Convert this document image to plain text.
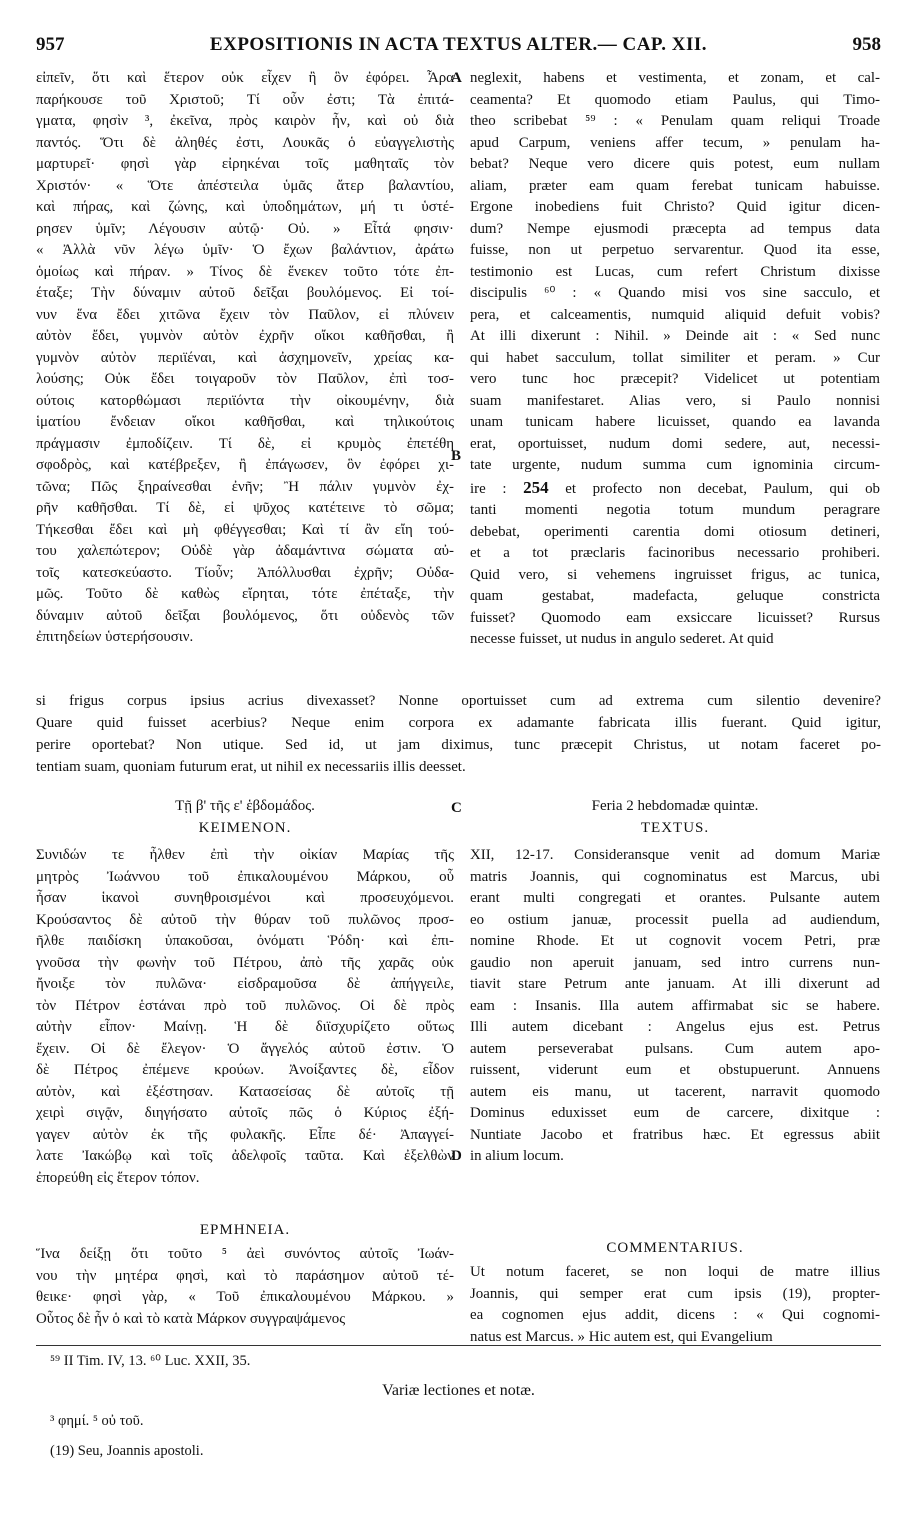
957	EXPOSITIONIS IN ACTA TEXTUS ALTER.— CAP. XII.	958
εἰπεῖν, ὅτι καὶ ἕτερον οὐκ εἶχεν ἢ ὃν ἐφόρει. Ἆρα
παρήκουσε τοῦ Χριστοῦ; Τί οὖν ἐστι; Τὰ ἐπιτά-
γματα, φησὶν ³, ἐκεῖνα, πρὸς καιρὸν ἦν, καὶ οὐ διὰ
παντός. Ὅτι δὲ ἀληθές ἐστι, Λουκᾶς ὁ εὐαγγελιστὴς
μαρτυρεῖ· φησὶ γὰρ εἰρηκέναι τοῖς μαθηταῖς τὸν
Χριστόν· « Ὅτε ἀπέστειλα ὑμᾶς ἄτερ βαλαντίου,
καὶ πήρας, καὶ ζώνης, καὶ ὑποδημάτων, μή τι ὑστέ-
ρησεν ὑμῖν; Λέγουσιν αὐτῷ· Οὐ. » Εἶτά φησιν·
« Ἀλλὰ νῦν λέγω ὑμῖν· Ὁ ἔχων βαλάντιον, ἀράτω
ὁμοίως καὶ πήραν. » Τίνος δὲ ἕνεκεν τοῦτο τότε ἐπ-
έταξε; Τὴν δύναμιν αὐτοῦ δεῖξαι βουλόμενος. Εἰ τοί-
νυν ἕνα ἔδει χιτῶνα ἔχειν τὸν Παῦλον, εἰ πλύνειν
αὐτὸν ἔδει, γυμνὸν αὐτὸν ἐχρῆν οἴκοι καθῆσθαι, ἢ
γυμνὸν αὐτὸν περιϊέναι, καὶ ἀσχημονεῖν, χρείας κα-
λούσης; Οὐκ ἔδει τοιγαροῦν τὸν Παῦλον, ἐπὶ τοσ-
ούτοις κατορθώμασι περιϊόντα τὴν οἰκουμένην, διὰ
ἱματίου ἔνδειαν οἴκοι καθῆσθαι, καὶ τηλικούτοις
πράγμασιν ἐμποδίζειν. Τί δὲ, εἰ κρυμὸς ἐπετέθη
σφοδρὸς, καὶ κατέβρεξεν, ἢ ἐπάγωσεν, ὃν ἐφόρει χι-
τῶνα; Πῶς ξηραίνεσθαι ἐνῆν; Ἢ πάλιν γυμνὸν ἐχ-
ρῆν καθῆσθαι. Τί δὲ, εἰ ψῦχος κατέτεινε τὸ σῶμα;
Τήκεσθαι ἔδει καὶ μὴ φθέγγεσθαι; Καὶ τί ἂν εἴη τού-
του χαλεπώτερον; Οὐδὲ γὰρ ἀδαμάντινα σώματα αὐ-
τοῖς κατεσκεύαστο. Τίοὖν; Ἀπόλλυσθαι ἐχρῆν; Οὐδα-
μῶς. Τοῦτο δὲ καθὼς εἴρηται, τότε ἐπέταξε, τὴν
δύναμιν αὐτοῦ δεῖξαι βουλόμενος, ὅτι οὐδενὸς τῶν
ἐπιτηδείων ὑστερήσουσιν.
neglexit, habens et vestimenta, et zonam, et cal-
ceamenta? Et quomodo etiam Paulus, qui Timo-
theo scribebat ⁵⁹ : « Penulam quam reliqui Troade
apud Carpum, veniens affer tecum, » penulam ha-
bebat? Neque vero dicere quis potest, eum nullam
aliam, præter eam quam ferebat tunicam habuisse.
Ergone inobediens fuit Christo? Quid igitur dicen-
dum? Nempe ejusmodi præcepta ad tempus data
fuisse, non ut perpetuo servarentur. Quod ita esse,
testimonio est Lucas, cum refert Christum dixisse
discipulis ⁶⁰ : « Quando misi vos sine sacculo, et
pera, et calceamentis, numquid aliquid defuit vobis?
At illi dixerunt : Nihil. » Deinde ait : « Sed nunc
qui habet sacculum, tollat similiter et peram. » Cur
vero tunc hoc præcepit? Videlicet ut potentiam
suam manifestaret. Alias vero, si Paulo nonnisi
unam tunicam habere licuisset, quando ea lavanda
erat, oportuisset, nudum domi sedere, aut, necessi-
tate urgente, nudum summa cum ignominia circum-
ire : 254 et profecto non decebat, Paulum, qui ob
tanti momenti negotia totum mundum peragrare
debebat, operimenti carentia domi otiosum detineri,
et a tot præclaris facinoribus necessario prohiberi.
Quid vero, si vehemens ingruisset frigus, ac tunica,
quam gestabat, madefacta, geluque constricta
fuisset? Quomodo eam exsiccare licuisset? Rursus
necesse fuisset, ut nudus in angulo sederet. At quid
A
B
si frigus corpus ipsius acrius divexasset? Nonne oportuisset cum ad extrema cum silentio devenire?
Quare quid fuisset acerbius? Neque enim corpora ex adamante fabricata illis fuerant. Quid igitur,
perire oportebat? Non utique. Sed id, ut jam diximus, tunc præcepit Christus, ut notam faceret po-
tentiam suam, quoniam futurum erat, ut nihil ex necessariis illis deesset.
C
Τῇ β' τῆς ε' ἑβδομάδος.
ΚΕΙΜΕΝΟΝ.
Feria 2 hebdomadæ quintæ.
TEXTUS.
Συνιδών τε ἦλθεν ἐπὶ τὴν οἰκίαν Μαρίας τῆς
μητρὸς Ἰωάννου τοῦ ἐπικαλουμένου Μάρκου, οὗ
ἦσαν ἱκανοὶ συνηθροισμένοι καὶ προσευχόμενοι.
Κρούσαντος δὲ αὐτοῦ τὴν θύραν τοῦ πυλῶνος προσ-
ῆλθε παιδίσκη ὑπακοῦσαι, ὀνόματι Ῥόδη· καὶ ἐπι-
γνοῦσα τὴν φωνὴν τοῦ Πέτρου, ἀπὸ τῆς χαρᾶς οὐκ
ἤνοιξε τὸν πυλῶνα· εἰσδραμοῦσα δὲ ἀπήγγειλε,
τὸν Πέτρον ἑστάναι πρὸ τοῦ πυλῶνος. Οἱ δὲ πρὸς
αὐτὴν εἶπον· Μαίνῃ. Ἡ δὲ διϊσχυρίζετο οὕτως
ἔχειν. Οἱ δὲ ἔλεγον· Ὁ ἄγγελός αὐτοῦ ἐστιν. Ὁ
δὲ Πέτρος ἐπέμενε κρούων. Ἀνοίξαντες δὲ, εἶδον
αὐτὸν, καὶ ἐξέστησαν. Κατασείσας δὲ αὐτοῖς τῇ
χειρὶ σιγᾷν, διηγήσατο αὐτοῖς πῶς ὁ Κύριος ἐξή-
γαγεν αὐτὸν ἐκ τῆς φυλακῆς. Εἶπε δέ· Ἀπαγγεί-
λατε Ἰακώβῳ καὶ τοῖς ἀδελφοῖς ταῦτα. Καὶ ἐξελθὼν
ἐπορεύθη εἰς ἕτερον τόπον.
XII, 12-17. Consideransque venit ad domum Mariæ
matris Joannis, qui cognominatus est Marcus, ubi
erant multi congregati et orantes. Pulsante autem
eo ostium januæ, processit puella ad audiendum,
nomine Rhode. Et ut cognovit vocem Petri, præ
gaudio non aperuit januam, sed intro currens nun-
tiavit stare Petrum ante januam. At illi dixerunt ad
eam : Insanis. Illa autem affirmabat sic se habere.
Illi autem dicebant : Angelus ejus est. Petrus
autem perseverabat pulsans. Cum autem apo-
ruissent, viderunt eum et obstupuerunt. Annuens
autem eis manu, ut tacerent, narravit quomodo
Dominus eduxisset eum de carcere, dixitque :
Nuntiate Jacobo et fratribus hæc. Et egressus abiit
in alium locum.
D
ΕΡΜΗΝΕΙΑ.
COMMENTARIUS.
Ἵνα δείξῃ ὅτι τοῦτο ⁵ ἀεὶ συνόντος αὐτοῖς Ἰωάν-
νου τὴν μητέρα φησὶ, καὶ τὸ παράσημον αὐτοῦ τέ-
θεικε· φησὶ γὰρ, « Τοῦ ἐπικαλουμένου Μάρκου. »
Οὗτος δὲ ἦν ὁ καὶ τὸ κατὰ Μάρκον συγγραψάμενος
Ut notum faceret, se non loqui de matre illius
Joannis, qui semper erat cum ipsis (19), propter-
ea cognomen ejus addit, dicens : « Qui cognomi-
natus est Marcus. » Hic autem est, qui Evangelium
⁵⁹ II Tim. IV, 13. ⁶⁰ Luc. XXII, 35.
Variæ lectiones et notæ.
³ φημί. ⁵ οὐ τοῦ.
(19) Seu, Joannis apostoli.
